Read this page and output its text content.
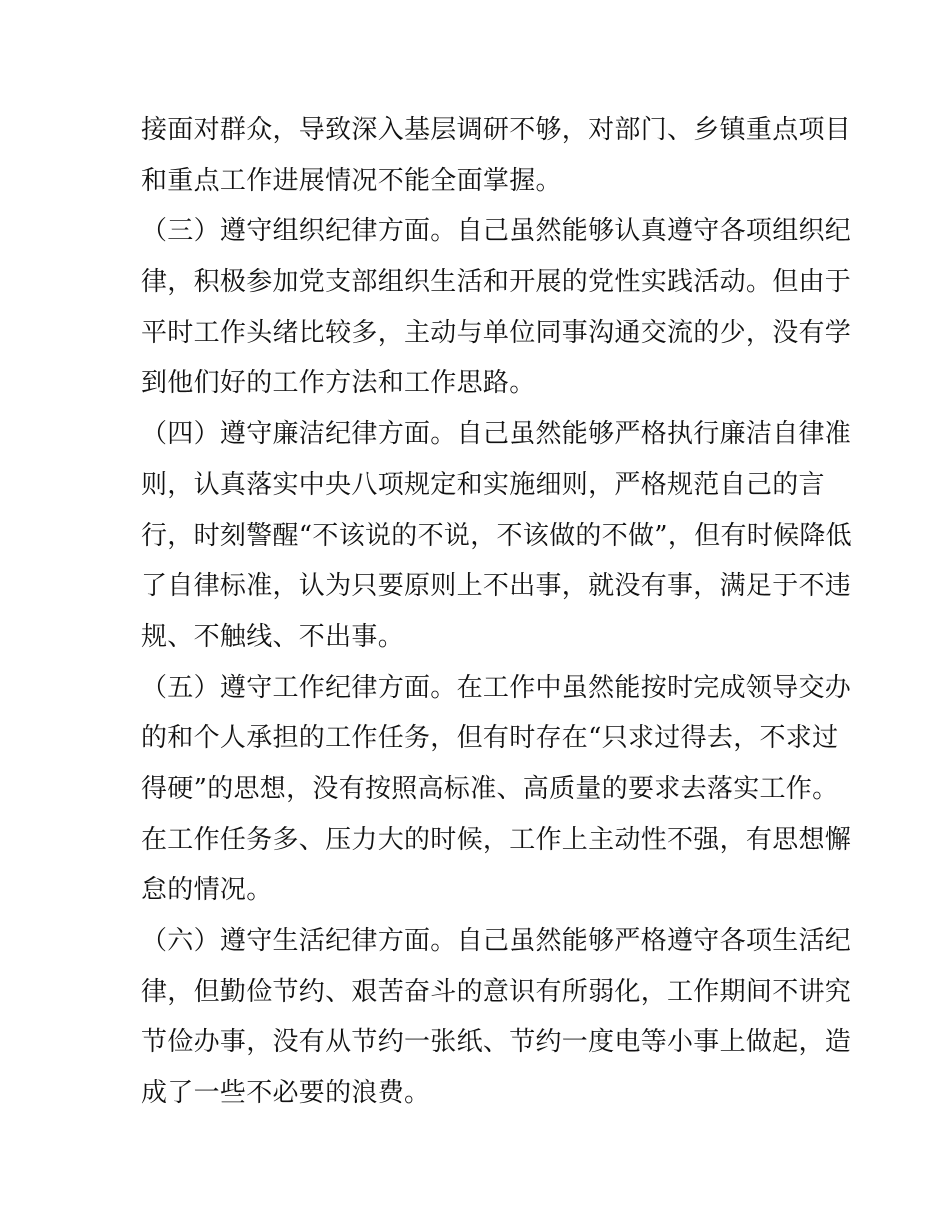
接面对群众，导致深入基层调研不够，对部门、乡镇重点项目
和重点工作进展情况不能全面掌握。
（三）遵守组织纪律方面。自己虽然能够认真遵守各项组织纪
律，积极参加党支部组织生活和开展的党性实践活动。但由于
平时工作头绪比较多，主动与单位同事沟通交流的少，没有学
到他们好的工作方法和工作思路。
（四）遵守廉洁纪律方面。自己虽然能够严格执行廉洁自律准
则，认真落实中央八项规定和实施细则，严格规范自己的言
行，时刻警醒“不该说的不说，不该做的不做”，但有时候降低
了自律标准，认为只要原则上不出事，就没有事，满足于不违
规、不触线、不出事。
（五）遵守工作纪律方面。在工作中虽然能按时完成领导交办
的和个人承担的工作任务，但有时存在“只求过得去，不求过
得硬”的思想，没有按照高标准、高质量的要求去落实工作。
在工作任务多、压力大的时候，工作上主动性不强，有思想懈
怠的情况。
（六）遵守生活纪律方面。自己虽然能够严格遵守各项生活纪
律，但勤俭节约、艰苦奋斗的意识有所弱化，工作期间不讲究
节俭办事，没有从节约一张纸、节约一度电等小事上做起，造
成了一些不必要的浪费。
